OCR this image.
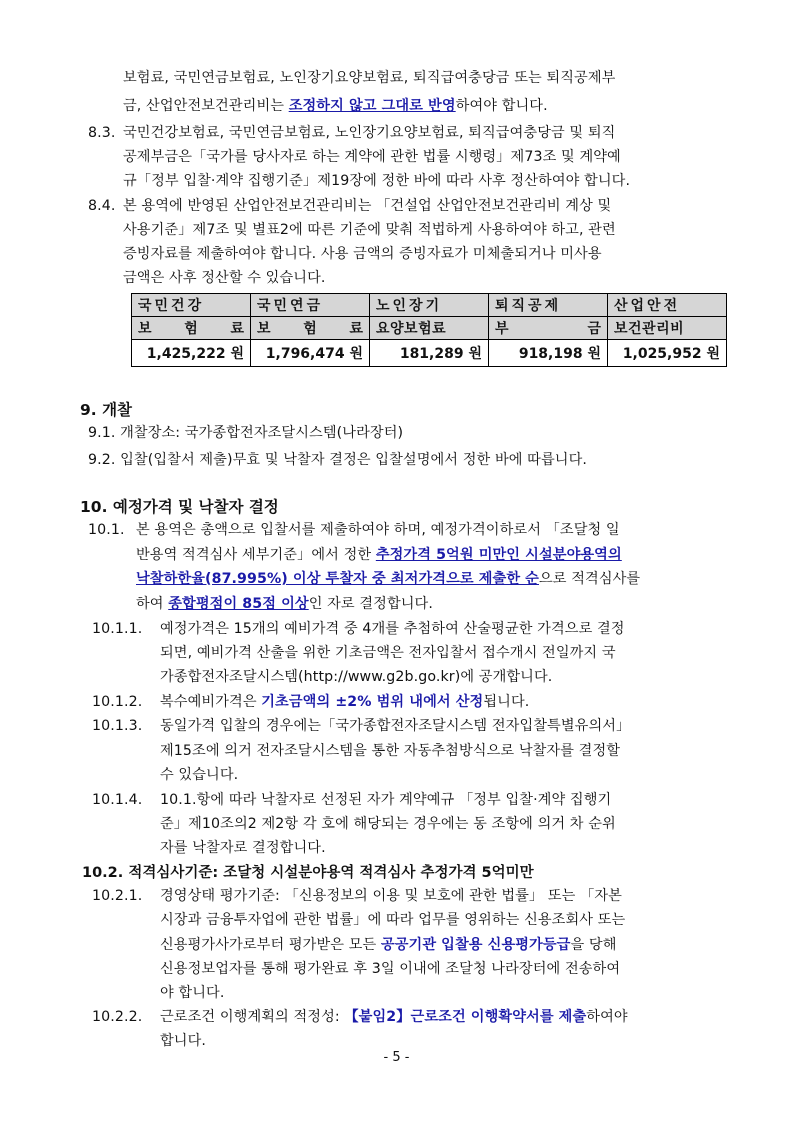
보험료, 국민연금보험료, 노인장기요양보험료, 퇴직급여충당금 또는 퇴직공제부
금, 산업안전보건관리비는 조정하지 않고 그대로 반영하여야 합니다.
8.3. 국민건강보험료, 국민연금보험료, 노인장기요양보험료, 퇴직급여충당금 및 퇴직
공제부금은「국가를 당사자로 하는 계약에 관한 법률 시행령」제73조 및 계약예
규「정부 입찰·계약 집행기준」제19장에 정한 바에 따라 사후 정산하여야 합니다.
8.4. 본 용역에 반영된 산업안전보건관리비는 「건설업 산업안전보건관리비 계상 및
사용기준」제7조 및 별표2에 따른 기준에 맞춰 적법하게 사용하여야 하고, 관련
증빙자료를 제출하여야 합니다. 사용 금액의 증빙자료가 미체출되거나 미사용
금액은 사후 정산할 수 있습니다.
국민건강	국민연금	노인장기	퇴직공제	산업안전

보 험 료	보 험 료	요양보험료	부 금	보건관리비
1,425,222 원	1,796,474 원	181,289 원	918,198 원	1,025,952 원
9. 개찰
9.1. 개찰장소: 국가종합전자조달시스템(나라장터)
9.2. 입찰(입찰서 제출)무효 및 낙찰자 결정은 입찰설명에서 정한 바에 따릅니다.
10. 예정가격 및 낙찰자 결정
10.1. 본 용역은 총액으로 입찰서를 제출하여야 하며, 예정가격이하로서 「조달청 일
반용역 적격심사 세부기준」에서 정한 추정가격 5억원 미만인 시설분야용역의
낙찰하한율(87.995%) 이상 투찰자 중 최저가격으로 제출한 순으로 적격심사를
하여 종합평점이 85점 이상인 자로 결정합니다.
10.1.1. 예정가격은 15개의 예비가격 중 4개를 추첨하여 산술평균한 가격으로 결정
되면, 예비가격 산출을 위한 기초금액은 전자입찰서 접수개시 전일까지 국
가종합전자조달시스템(http://www.g2b.go.kr)에 공개합니다.
10.1.2. 복수예비가격은 기초금액의 ±2% 범위 내에서 산정됩니다.
10.1.3. 동일가격 입찰의 경우에는「국가종합전자조달시스템 전자입찰특별유의서」
제15조에 의거 전자조달시스템을 통한 자동추첨방식으로 낙찰자를 결정할
수 있습니다.
10.1.4. 10.1.항에 따라 낙찰자로 선정된 자가 계약예규 「정부 입찰·계약 집행기
준」제10조의2 제2항 각 호에 해당되는 경우에는 동 조항에 의거 차 순위
자를 낙찰자로 결정합니다.
10.2. 적격심사기준: 조달청 시설분야용역 적격심사 추정가격 5억미만
10.2.1. 경영상태 평가기준: 「신용정보의 이용 및 보호에 관한 법률」 또는 「자본
시장과 금융투자업에 관한 법률」에 따라 업무를 영위하는 신용조회사 또는
신용평가사가로부터 평가받은 모든 공공기관 입찰용 신용평가등급을 당해
신용정보업자를 통해 평가완료 후 3일 이내에 조달청 나라장터에 전송하여
야 합니다.
10.2.2. 근로조건 이행계획의 적정성: 【붙임2】근로조건 이행확약서를 제출하여야
합니다.
- 5 -
